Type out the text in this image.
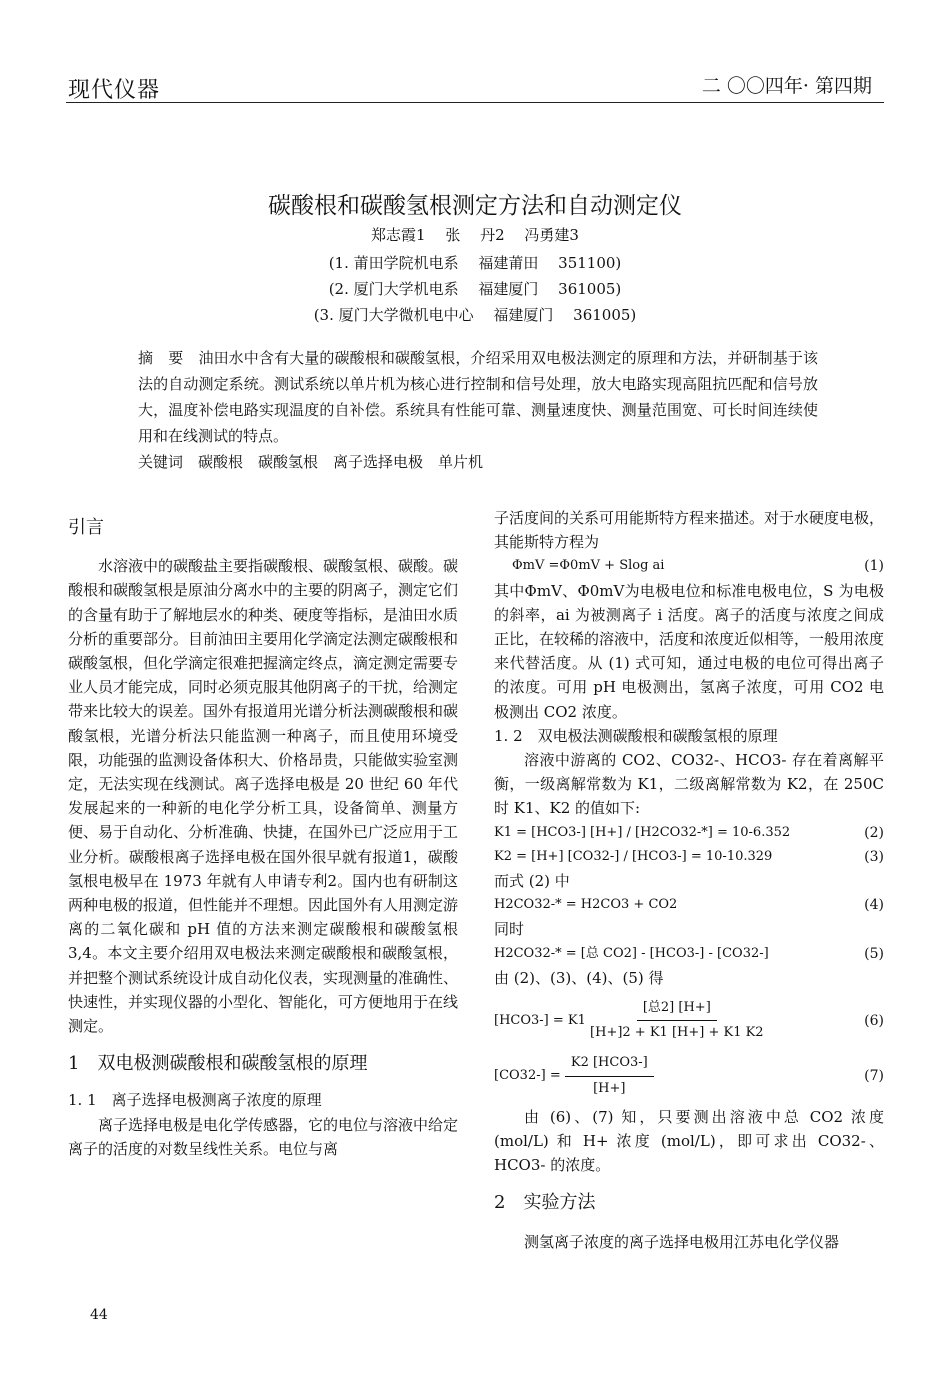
现代仪器	二 〇〇四年· 第四期
碳酸根和碳酸氢根测定方法和自动测定仪
郑志霞1　 张　 丹2 　冯勇建3
(1. 莆田学院机电系　 福建莆田　 351100)
(2. 厦门大学机电系　 福建厦门　 361005)
(3. 厦门大学微机电中心　 福建厦门　 361005)

摘　要　油田水中含有大量的碳酸根和碳酸氢根，介绍采用双电极法测定的原理和方法，并研制基于该法的自动测定系统。测试系统以单片机为核心进行控制和信号处理，放大电路实现高阻抗匹配和信号放大，温度补偿电路实现温度的自补偿。系统具有性能可靠、测量速度快、测量范围宽、可长时间连续使用和在线测试的特点。

关键词　碳酸根　碳酸氢根　离子选择电极　单片机

引言

水溶液中的碳酸盐主要指碳酸根、碳酸氢根、碳酸。碳酸根和碳酸氢根是原油分离水中的主要的阴离子，测定它们的含量有助于了解地层水的种类、硬度等指标，是油田水质分析的重要部分。目前油田主要用化学滴定法测定碳酸根和碳酸氢根，但化学滴定很难把握滴定终点，滴定测定需要专业人员才能完成，同时必须克服其他阴离子的干扰，给测定带来比较大的误差。国外有报道用光谱分析法测碳酸根和碳酸氢根，光谱分析法只能监测一种离子，而且使用环境受限，功能强的监测设备体积大、价格昂贵，只能做实验室测定，无法实现在线测试。离子选择电极是 20 世纪 60 年代发展起来的一种新的电化学分析工具，设备简单、测量方便、易于自动化、分析准确、快捷，在国外已广泛应用于工业分析。碳酸根离子选择电极在国外很早就有报道1，碳酸氢根电极早在 1973 年就有人申请专利2。国内也有研制这两种电极的报道，但性能并不理想。因此国外有人用测定游离的二氧化碳和 pH 值的方法来测定碳酸根和碳酸氢根3,4。本文主要介绍用双电极法来测定碳酸根和碳酸氢根，并把整个测试系统设计成自动化仪表，实现测量的准确性、快速性，并实现仪器的小型化、智能化，可方便地用于在线测定。

1　双电极测碳酸根和碳酸氢根的原理
1. 1　离子选择电极测离子浓度的原理

离子选择电极是电化学传感器，它的电位与溶液中给定离子的活度的对数呈线性关系。电位与离

子活度间的关系可用能斯特方程来描述。对于水硬度电极，其能斯特方程为

ΦmV =Φ0mV + Slog ai	(1)

其中ΦmV、Φ0mV为电极电位和标准电极电位，S 为电极的斜率，ai 为被测离子 i 活度。离子的活度与浓度之间成正比，在较稀的溶液中，活度和浓度近似相等，一般用浓度来代替活度。从 (1) 式可知，通过电极的电位可得出离子的浓度。可用 pH 电极测出，氢离子浓度，可用 CO2 电极测出 CO2 浓度。

1. 2　双电极法测碳酸根和碳酸氢根的原理

溶液中游离的 CO2、CO32-、HCO3- 存在着离解平衡，一级离解常数为 K1，二级离解常数为 K2，在 250C 时 K1、K2 的值如下:

K1 = [HCO3-] [H+] / [H2CO32-*] = 10-6.352	(2)
K2 = [H+] [CO32-] / [HCO3-] = 10-10.329	(3)

而式 (2) 中

H2CO32-* = H2CO3 + CO2	(4)

同时

H2CO32-* = [总 CO2] - [HCO3-] - [CO32-]	(5)

由 (2)、(3)、(4)、(5) 得

$[HCO3-] = K1 \frac{\text{[总2] [H+]}}{[H+]2 + K1 [H+] + K1 K2}$	(6)
$[CO32-] = \frac{\text{K2 [HCO3-]}}{[H+]}$	(7)

由 (6)、(7) 知，只要测出溶液中总 CO2 浓度 (mol/L) 和 H+ 浓度 (mol/L)，即可求出 CO32-、HCO3- 的浓度。

2　实验方法

测氢离子浓度的离子选择电极用江苏电化学仪器

44
